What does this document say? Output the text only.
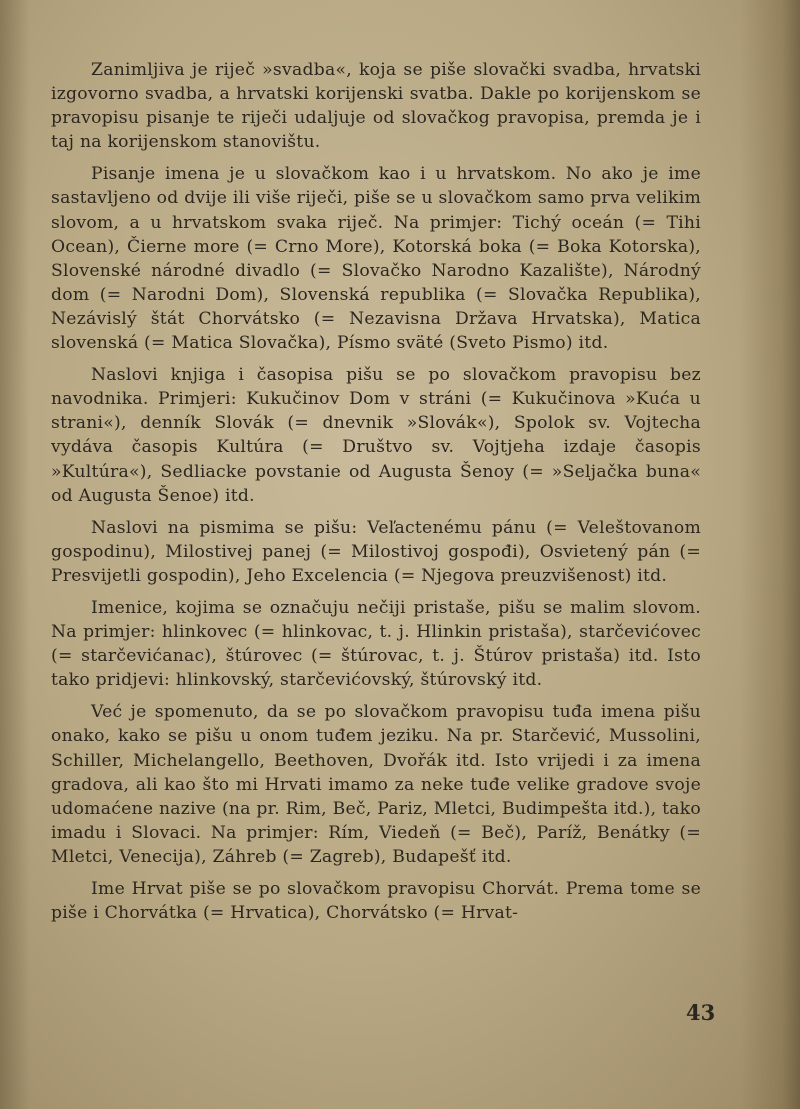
Zanimljiva je riječ »svadba«, koja se piše slovački svadba, hrvatski izgovorno svadba, a hrvatski korijenski svatba. Dakle po korijenskom se pravopisu pisanje te riječi udaljuje od slovačkog pravopisa, premda je i taj na korijenskom stanovištu.

Pisanje imena je u slovačkom kao i u hrvatskom. No ako je ime sastavljeno od dvije ili više riječi, piše se u slovačkom samo prva velikim slovom, a u hrvatskom svaka riječ. Na primjer: Tichý oceán (= Tihi Ocean), Čierne more (= Crno More), Kotorská boka (= Boka Kotorska), Slovenské národné divadlo (= Slovačko Narodno Kazalište), Národný dom (= Narodni Dom), Slovenská republika (= Slovačka Republika), Nezávislý štát Chorvátsko (= Nezavisna Država Hrvatska), Matica slovenská (= Matica Slovačka), Písmo sväté (Sveto Pismo) itd.

Naslovi knjiga i časopisa pišu se po slovačkom pravopisu bez navodnika. Primjeri: Kukučinov Dom v stráni (= Kukučinova »Kuća u strani«), denník Slovák (= dnevnik »Slovák«), Spolok sv. Vojtecha vydáva časopis Kultúra (= Društvo sv. Vojtjeha izdaje časopis »Kultúra«), Sedliacke povstanie od Augusta Šenoy (= »Seljačka buna« od Augusta Šenoe) itd.

Naslovi na pismima se pišu: Veľactenému pánu (= Veleštovanom gospodinu), Milostivej panej (= Milostivoj gospođi), Osvietený pán (= Presvijetli gospodin), Jeho Excelencia (= Njegova preuzvišenost) itd.

Imenice, kojima se označuju nečiji pristaše, pišu se malim slovom. Na primjer: hlinkovec (= hlinkovac, t. j. Hlinkin pristaša), starčevićovec (= starčevićanac), štúrovec (= štúrovac, t. j. Štúrov pristaša) itd. Isto tako pridjevi: hlinkovský, starčevićovský, štúrovský itd.

Već je spomenuto, da se po slovačkom pravopisu tuđa imena pišu onako, kako se pišu u onom tuđem jeziku. Na pr. Starčević, Mussolini, Schiller, Michelangello, Beethoven, Dvořák itd. Isto vrijedi i za imena gradova, ali kao što mi Hrvati imamo za neke tuđe velike gradove svoje udomaćene nazive (na pr. Rim, Beč, Pariz, Mletci, Budimpešta itd.), tako imadu i Slovaci. Na primjer: Rím, Viedeň (= Beč), Paríž, Benátky (= Mletci, Venecija), Záhreb (= Zagreb), Budapešť itd.

Ime Hrvat piše se po slovačkom pravopisu Chorvát. Prema tome se piše i Chorvátka (= Hrvatica), Chorvátsko (= Hrvat-

43
